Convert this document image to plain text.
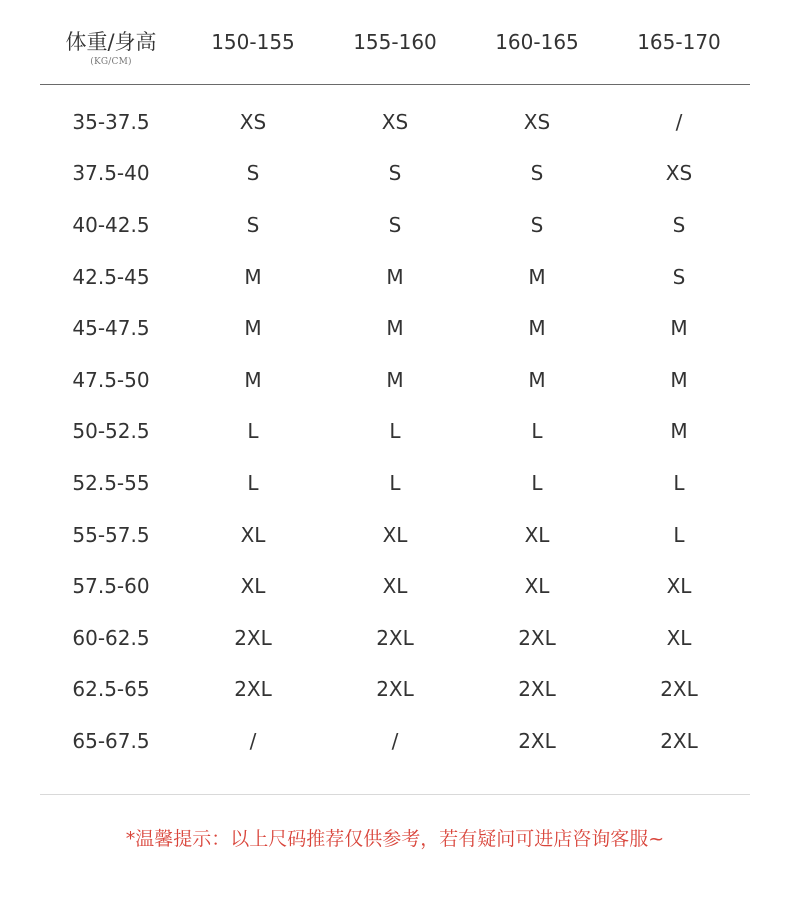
体重/身高
(KG/CM)
150-155	155-160	160-165	165-170
35-37.5	XS	XS	XS	/
37.5-40	S	S	S	XS
40-42.5	S	S	S	S
42.5-45	M	M	M	S
45-47.5	M	M	M	M
47.5-50	M	M	M	M
50-52.5	L	L	L	M
52.5-55	L	L	L	L
55-57.5	XL	XL	XL	L
57.5-60	XL	XL	XL	XL
60-62.5	2XL	2XL	2XL	XL
62.5-65	2XL	2XL	2XL	2XL
65-67.5	/	/	2XL	2XL
*温馨提示：以上尺码推荐仅供参考，若有疑问可进店咨询客服~
